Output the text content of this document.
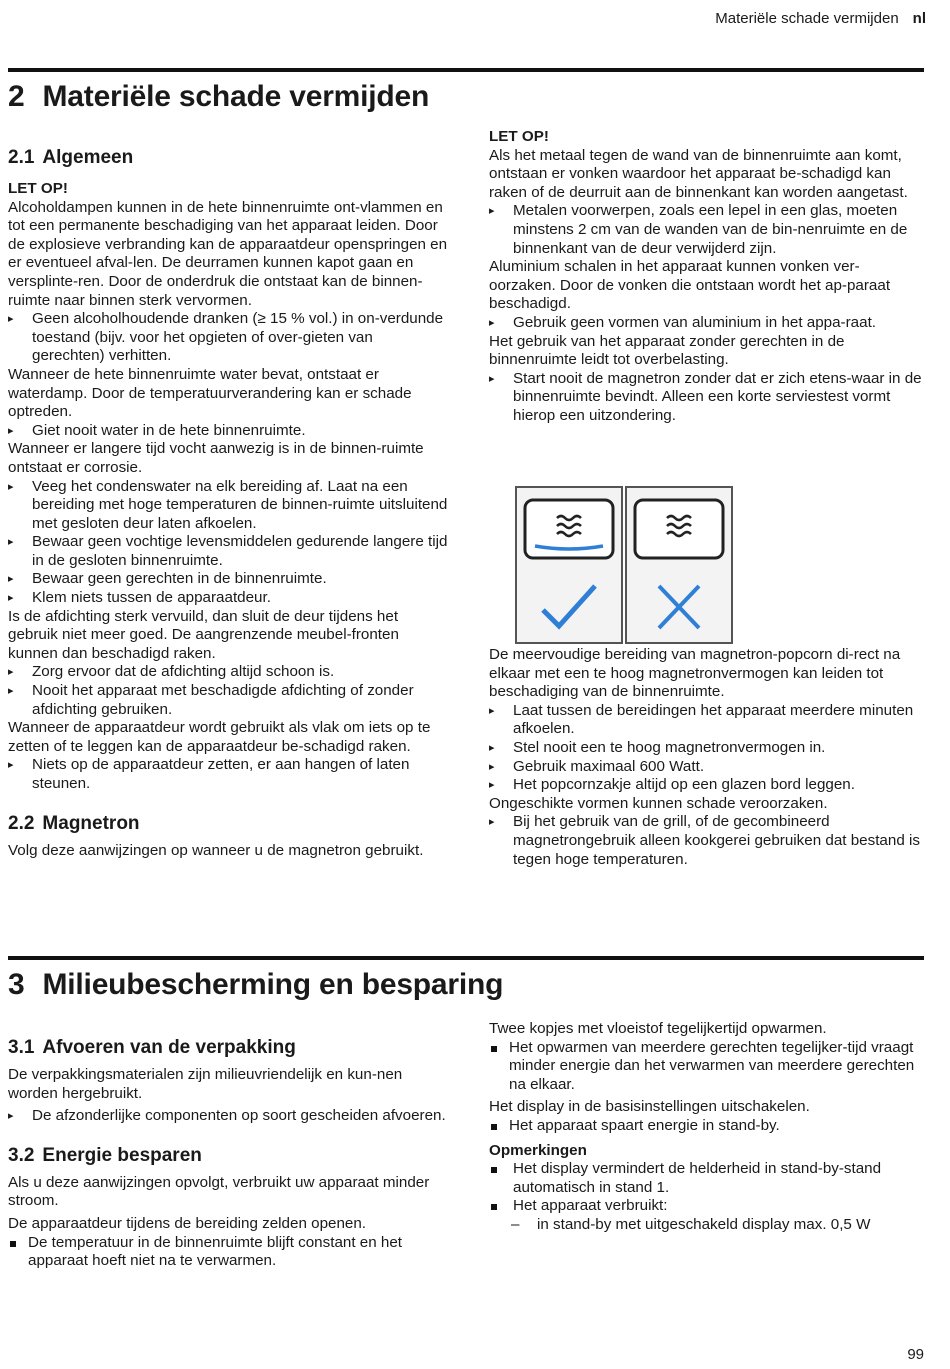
Materiële schade vermijden nl
2 Materiële schade vermijden
2.1 Algemeen

LET OP!

Alcoholdampen kunnen in de hete binnenruimte ont-vlammen en tot een permanente beschadiging van het apparaat leiden. Door de explosieve verbranding kan de apparaatdeur openspringen en er eventueel afval-len. De deurramen kunnen kapot gaan en versplinte-ren. Door de onderdruk die ontstaat kan de binnen-ruimte naar binnen sterk vervormen.

▸ Geen alcoholhoudende dranken (≥ 15 % vol.) in on-verdunde toestand (bijv. voor het opgieten of over-gieten van gerechten) verhitten.

Wanneer de hete binnenruimte water bevat, ontstaat er waterdamp. Door de temperatuurverandering kan er schade optreden.

▸ Giet nooit water in de hete binnenruimte.

Wanneer er langere tijd vocht aanwezig is in de binnen-ruimte ontstaat er corrosie.

▸ Veeg het condenswater na elk bereiding af. Laat na een bereiding met hoge temperaturen de binnen-ruimte uitsluitend met gesloten deur laten afkoelen.
▸ Bewaar geen vochtige levensmiddelen gedurende langere tijd in de gesloten binnenruimte.
▸ Bewaar geen gerechten in de binnenruimte.
▸ Klem niets tussen de apparaatdeur.

Is de afdichting sterk vervuild, dan sluit de deur tijdens het gebruik niet meer goed. De aangrenzende meubel-fronten kunnen dan beschadigd raken.

▸ Zorg ervoor dat de afdichting altijd schoon is.
▸ Nooit het apparaat met beschadigde afdichting of zonder afdichting gebruiken.

Wanneer de apparaatdeur wordt gebruikt als vlak om iets op te zetten of te leggen kan de apparaatdeur be-schadigd raken.

▸ Niets op de apparaatdeur zetten, er aan hangen of laten steunen.
2.2 Magnetron

Volg deze aanwijzingen op wanneer u de magnetron gebruikt.

LET OP!

Als het metaal tegen de wand van de binnenruimte aan komt, ontstaan er vonken waardoor het apparaat be-schadigd kan raken of de deurruit aan de binnenkant kan worden aangetast.

▸ Metalen voorwerpen, zoals een lepel in een glas, moeten minstens 2 cm van de wanden van de bin-nenruimte en de binnenkant van de deur verwijderd zijn.

Aluminium schalen in het apparaat kunnen vonken ver-oorzaken. Door de vonken die ontstaan wordt het ap-paraat beschadigd.

▸ Gebruik geen vormen van aluminium in het appa-raat.

Het gebruik van het apparaat zonder gerechten in de binnenruimte leidt tot overbelasting.

▸ Start nooit de magnetron zonder dat er zich etens-waar in de binnenruimte bevindt. Alleen een korte serviestest vormt hierop een uitzondering.

De meervoudige bereiding van magnetron-popcorn di-rect na elkaar met een te hoog magnetronvermogen kan leiden tot beschadiging van de binnenruimte.

▸ Laat tussen de bereidingen het apparaat meerdere minuten afkoelen.
▸ Stel nooit een te hoog magnetronvermogen in.
▸ Gebruik maximaal 600 Watt.
▸ Het popcornzakje altijd op een glazen bord leggen.

Ongeschikte vormen kunnen schade veroorzaken.

▸ Bij het gebruik van de grill, of de gecombineerd magnetrongebruik alleen kookgerei gebruiken dat bestand is tegen hoge temperaturen.
3 Milieubescherming en besparing
3.1 Afvoeren van de verpakking

De verpakkingsmaterialen zijn milieuvriendelijk en kun-nen worden hergebruikt.

▸ De afzonderlijke componenten op soort gescheiden afvoeren.
3.2 Energie besparen

Als u deze aanwijzingen opvolgt, verbruikt uw apparaat minder stroom.

De apparaatdeur tijdens de bereiding zelden openen.

De temperatuur in de binnenruimte blijft constant en het apparaat hoeft niet na te verwarmen.

Twee kopjes met vloeistof tegelijkertijd opwarmen.

Het opwarmen van meerdere gerechten tegelijker-tijd vraagt minder energie dan het verwarmen van meerdere gerechten na elkaar.

Het display in de basisinstellingen uitschakelen.

Het apparaat spaart energie in stand-by.

Opmerkingen

Het display vermindert de helderheid in stand-by-stand automatisch in stand 1.
Het apparaat verbruikt:
– in stand-by met uitgeschakeld display max. 0,5 W
99
